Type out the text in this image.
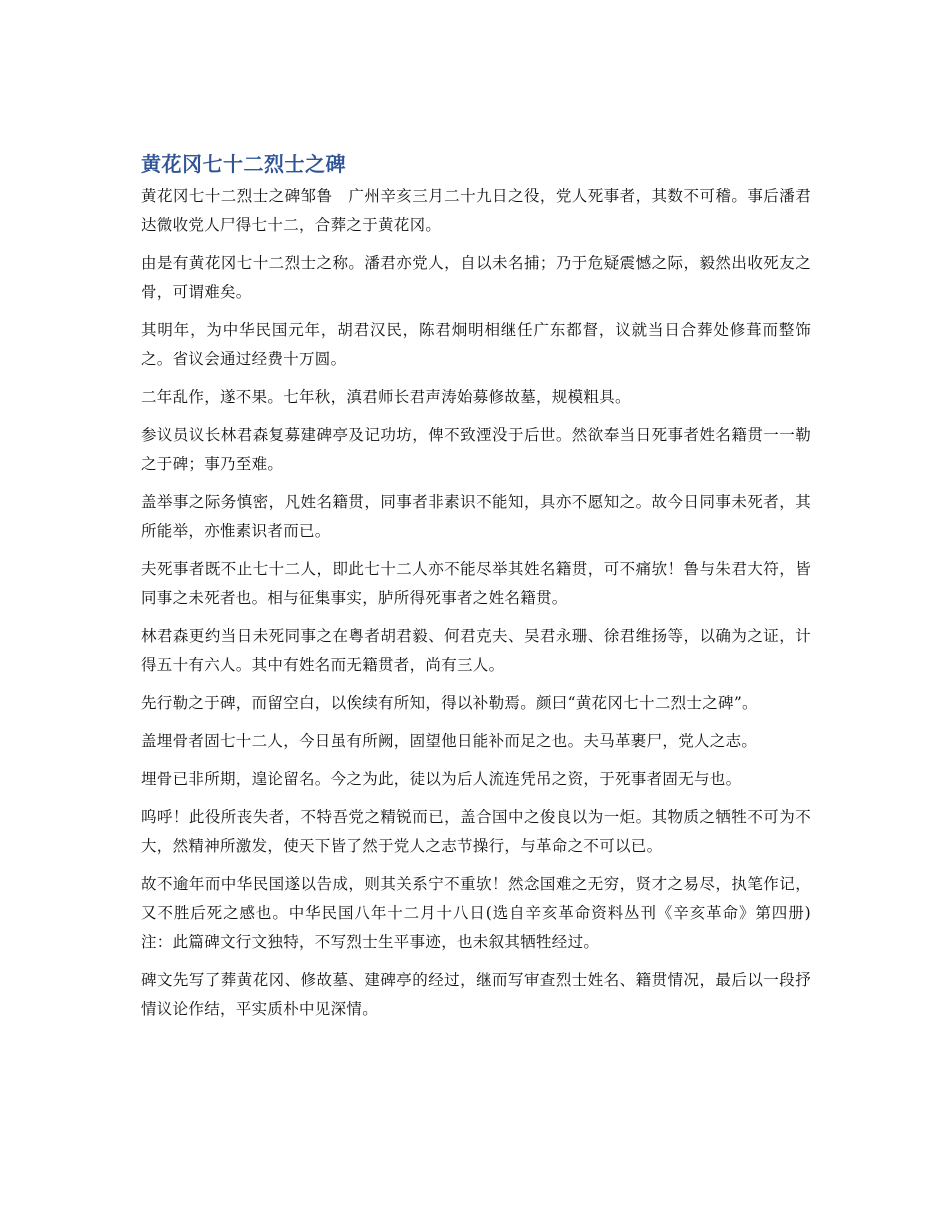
黄花冈七十二烈士之碑

黄花冈七十二烈士之碑邹鲁　广州辛亥三月二十九日之役，党人死事者，其数不可稽。事后潘君达微收党人尸得七十二，合葬之于黄花冈。

由是有黄花冈七十二烈士之称。潘君亦党人，自以未名捕；乃于危疑震憾之际，毅然出收死友之骨，可谓难矣。

其明年，为中华民国元年，胡君汉民，陈君炯明相继任广东都督，议就当日合葬处修葺而整饰之。省议会通过经费十万圆。

二年乱作，遂不果。七年秋，滇君师长君声涛始募修故墓，规模粗具。

参议员议长林君森复募建碑亭及记功坊，俾不致湮没于后世。然欲奉当日死事者姓名籍贯一一勒之于碑；事乃至难。

盖举事之际务慎密，凡姓名籍贯，同事者非素识不能知，具亦不愿知之。故今日同事未死者，其所能举，亦惟素识者而已。

夫死事者既不止七十二人，即此七十二人亦不能尽举其姓名籍贯，可不痛欤！鲁与朱君大符，皆同事之未死者也。相与征集事实，胪所得死事者之姓名籍贯。

林君森更约当日未死同事之在粤者胡君毅、何君克夫、吴君永珊、徐君维扬等，以确为之证，计得五十有六人。其中有姓名而无籍贯者，尚有三人。

先行勒之于碑，而留空白，以俟续有所知，得以补勒焉。颜曰“黄花冈七十二烈士之碑”。

盖埋骨者固七十二人，今日虽有所阙，固望他日能补而足之也。夫马革裹尸，党人之志。

埋骨已非所期，遑论留名。今之为此，徒以为后人流连凭吊之资，于死事者固无与也。

呜呼！此役所丧失者，不特吾党之精锐而已，盖合国中之俊良以为一炬。其物质之牺牲不可为不大，然精神所激发，使天下皆了然于党人之志节操行，与革命之不可以已。

故不逾年而中华民国遂以告成，则其关系宁不重欤！然念国难之无穷，贤才之易尽，执笔作记，又不胜后死之感也。中华民国八年十二月十八日(选自辛亥革命资料丛刊《辛亥革命》第四册)注：此篇碑文行文独特，不写烈士生平事迹，也未叙其牺牲经过。

碑文先写了葬黄花冈、修故墓、建碑亭的经过，继而写审查烈士姓名、籍贯情况，最后以一段抒情议论作结，平实质朴中见深情。
